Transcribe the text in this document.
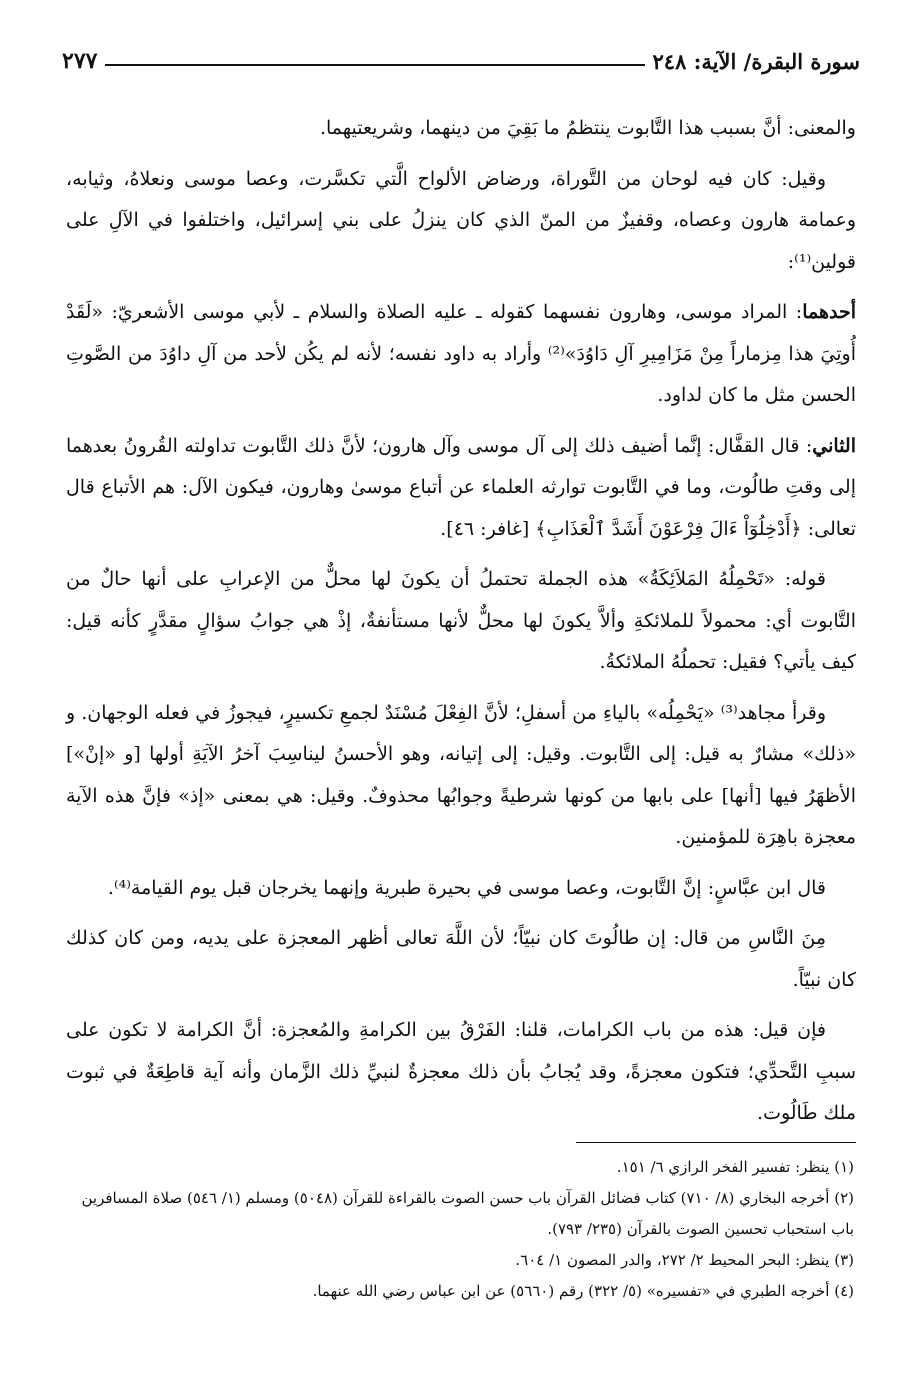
سورة البقرة/ الآية: ٢٤٨
٢٧٧

والمعنى: أنَّ بسبب هذا التَّابوت ينتظمُ ما بَقِيَ من دينهما، وشريعتيهما.

وقيل: كان فيه لوحان من التَّوراة، ورضاض الألواح الَّتي تكسَّرت، وعصا موسى ونعلاهُ، وثيابه، وعمامة هارون وعصاه، وقفيزٌ من المنّ الذي كان ينزلُ على بني إسرائيل، واختلفوا في الآلِ على قولين⁽¹⁾:

أحدهما: المراد موسى، وهارون نفسهما كقوله ـ عليه الصلاة والسلام ـ لأبي موسى الأشعريّ: «لَقَدْ أُوتِيَ هذا مِزماراً مِنْ مَزَامِيرِ آلِ دَاوُدَ»⁽²⁾ وأراد به داود نفسه؛ لأنه لم يكُن لأحد من آلِ داوُدَ من الصَّوتِ الحسن مثل ما كان لداود.

الثاني: قال القفَّال: إنَّما أضيف ذلك إلى آل موسى وآل هارون؛ لأنَّ ذلك التَّابوت تداولته القُرونُ بعدهما إلى وقتِ طالُوت، وما في التَّابوت توارثه العلماء عن أتباع موسىٰ وهارون، فيكون الآل: هم الأتباع قال تعالى: ﴿أَدْخِلُوٓاْ ءَالَ فِرْعَوْنَ أَشَدَّ ٱلْعَذَابِ﴾ [غافر: ٤٦].

قوله: «تَحْمِلُهُ المَلاَئِكَةُ» هذه الجملة تحتملُ أن يكونَ لها محلٌّ من الإعرابِ على أنها حالٌ من التَّابوت أي: محمولاً للملائكةِ وألاَّ يكونَ لها محلٌّ لأنها مستأنفةٌ، إذْ هي جوابُ سؤالٍ مقدَّرٍ كأنه قيل: كيف يأتي؟ فقيل: تحملُهُ الملائكةُ.

وقرأ مجاهد⁽³⁾ «يَحْمِلُه» بالياءِ من أسفلِ؛ لأنَّ الفِعْلَ مُسْنَدٌ لجمعِ تكسيرٍ، فيجوزُ في فعله الوجهان. و «ذلك» مشارٌ به قيل: إلى التَّابوت. وقيل: إلى إتيانه، وهو الأحسنُ ليناسِبَ آخرُ الآيَةِ أولها [و «إنْ»] الأظهَرُ فيها [أنها] على بابها من كونها شرطيةً وجوابُها محذوفٌ. وقيل: هي بمعنى «إذ» فإنَّ هذه الآية معجزة باهِرَة للمؤمنين.

قال ابن عبَّاسٍ: إنَّ التَّابوت، وعصا موسى في بحيرة طبرية وإنهما يخرجان قبل يوم القيامة⁽⁴⁾.

مِنَ النَّاسِ من قال: إن طالُوتَ كان نبيّاً؛ لأن اللَّهَ تعالى أظهر المعجزة على يديه، ومن كان كذلك كان نبيّاً.

فإن قيل: هذه من باب الكرامات، قلنا: الفَرْقُ بين الكرامةِ والمُعجزة: أنَّ الكرامة لا تكون على سببِ التَّحدِّي؛ فتكون معجزةً، وقد يُجابُ بأن ذلك معجزةٌ لنبيِّ ذلك الزَّمان وأنه آية قاطِعَةٌ في ثبوت ملك طَالُوت.

(١) ينظر: تفسير الفخر الرازي ٦/ ١٥١.

(٢) أخرجه البخاري (٨/ ٧١٠) كتاب فضائل القرآن باب حسن الصوت بالقراءة للقرآن (٥٠٤٨) ومسلم (١/ ٥٤٦) صلاة المسافرين باب استحباب تحسين الصوت بالقرآن (٢٣٥/ ٧٩٣).

(٣) ينظر: البحر المحيط ٢/ ٢٧٢، والدر المصون ١/ ٦٠٤.

(٤) أخرجه الطبري في «تفسيره» (٥/ ٣٢٢) رقم (٥٦٦٠) عن ابن عباس رضي الله عنهما.
